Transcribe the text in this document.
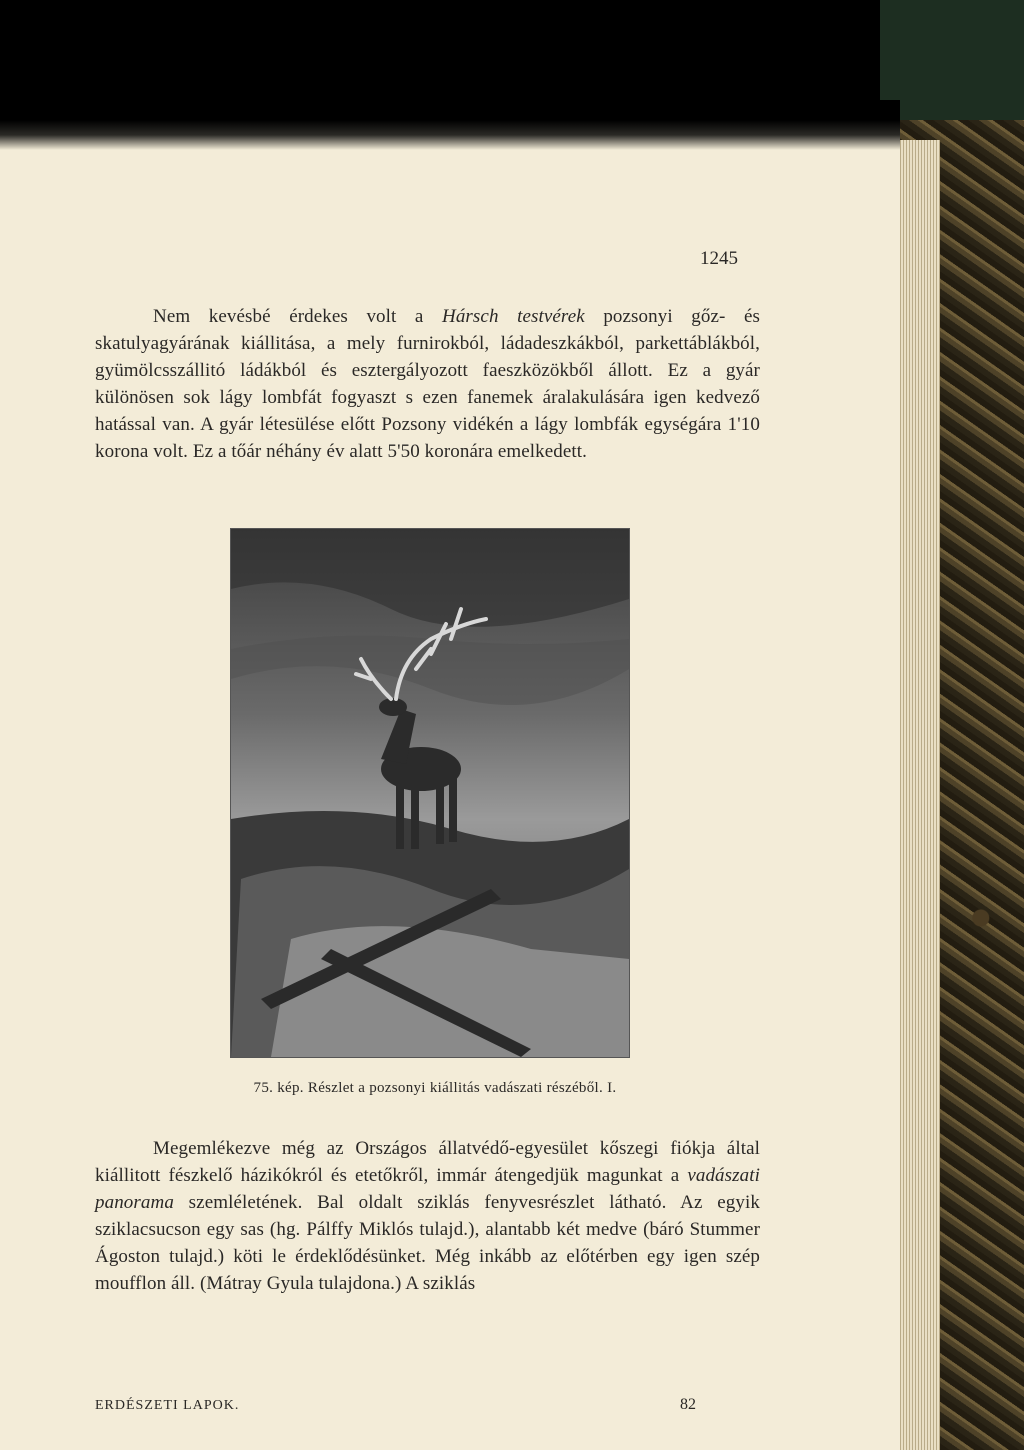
1245

Nem kevésbé érdekes volt a Hársch testvérek pozsonyi gőz- és skatulyagyárának kiállitása, a mely furnirokból, ládadeszkákból, parkettáblákból, gyümölcsszállitó ládákból és esztergályozott faeszközökből állott. Ez a gyár különösen sok lágy lombfát fogyaszt s ezen fanemek áralakulására igen kedvező hatással van. A gyár létesülése előtt Pozsony vidékén a lágy lombfák egységára 1'10 korona volt. Ez a tőár néhány év alatt 5'50 koronára emelkedett.

75. kép. Részlet a pozsonyi kiállitás vadászati részéből. I.

Megemlékezve még az Országos állatvédő-egyesület kőszegi fiókja által kiállitott fészkelő házikókról és etetőkről, immár átengedjük magunkat a vadászati panorama szemléletének. Bal oldalt sziklás fenyvesrészlet látható. Az egyik sziklacsucson egy sas (hg. Pálffy Miklós tulajd.), alantabb két medve (báró Stummer Ágoston tulajd.) köti le érdeklődésünket. Még inkább az előtérben egy igen szép moufflon áll. (Mátray Gyula tulajdona.) A sziklás

ERDÉSZETI LAPOK.	82
